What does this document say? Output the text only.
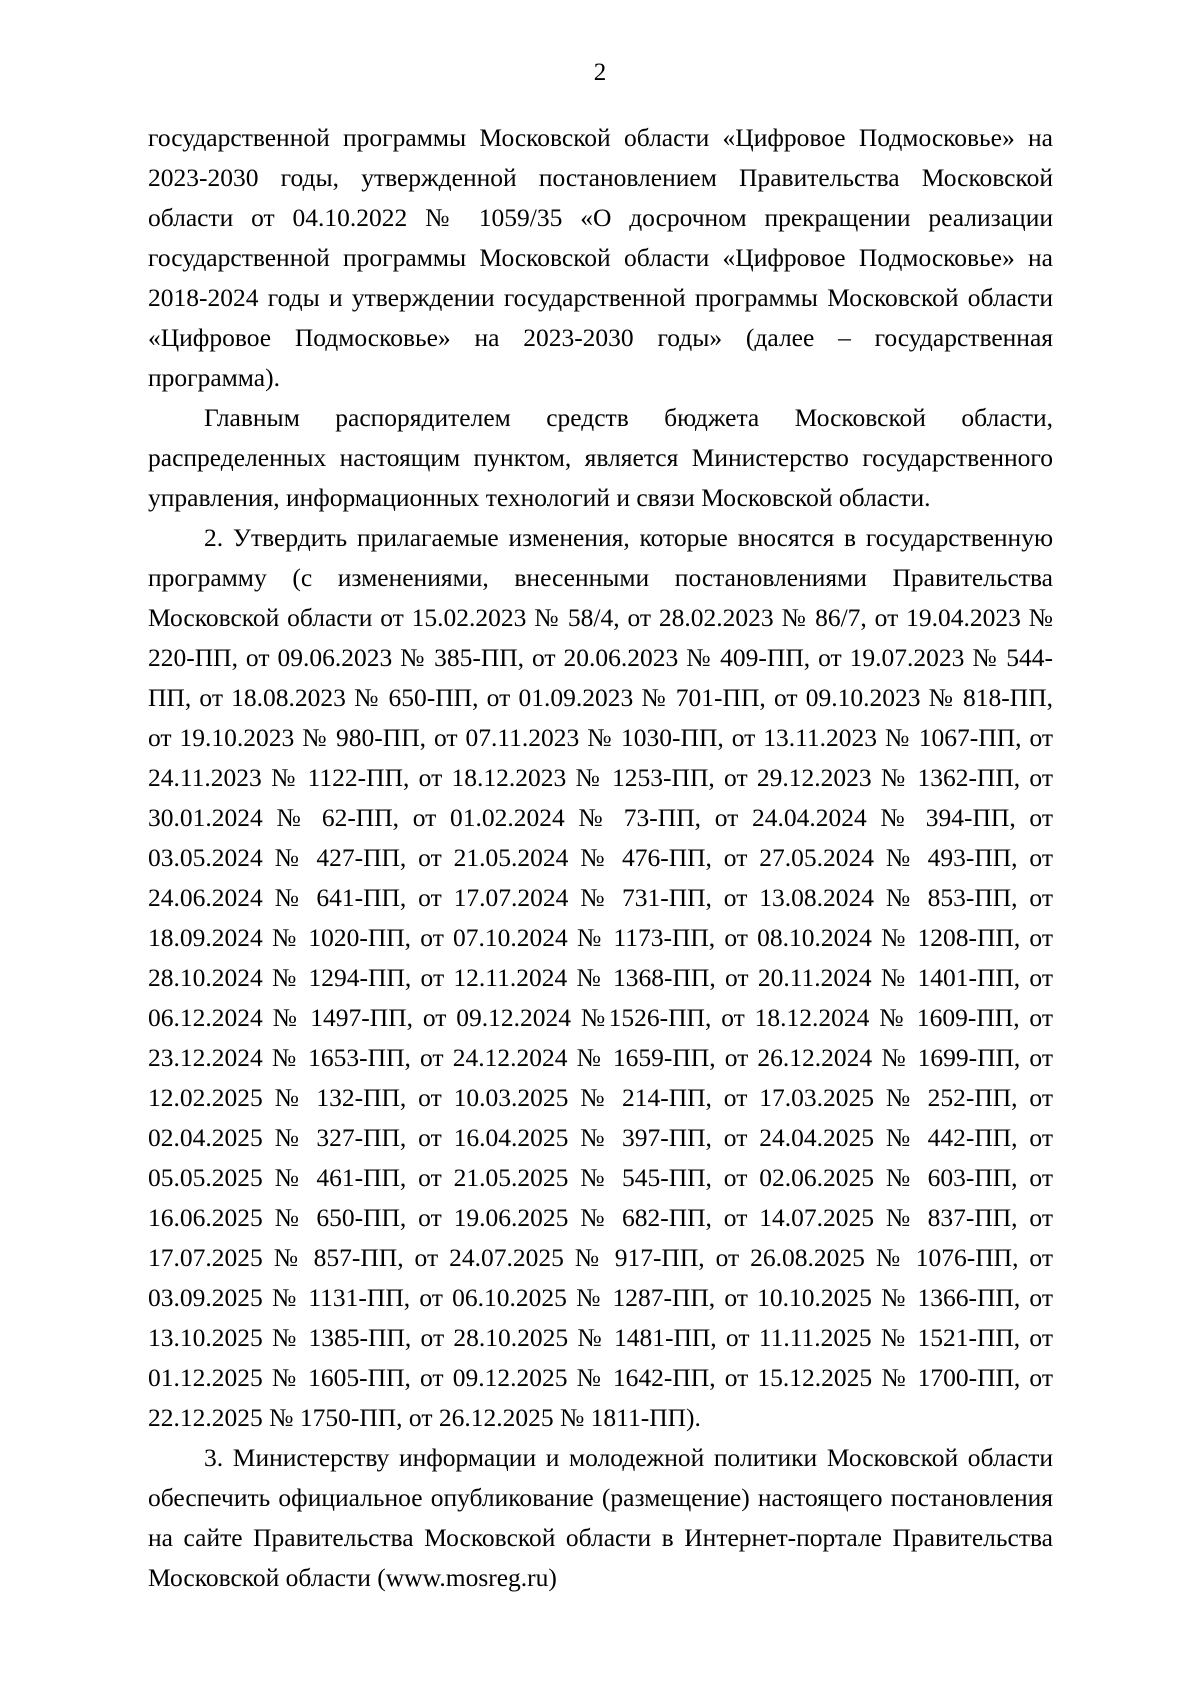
2

государственной программы Московской области «Цифровое Подмосковье» на 2023-2030 годы, утвержденной постановлением Правительства Московской области от 04.10.2022 № 1059/35 «О досрочном прекращении реализации государственной программы Московской области «Цифровое Подмосковье» на 2018-2024 годы и утверждении государственной программы Московской области «Цифровое Подмосковье» на 2023-2030 годы» (далее – государственная программа).

Главным распорядителем средств бюджета Московской области, распределенных настоящим пунктом, является Министерство государственного управления, информационных технологий и связи Московской области.

2. Утвердить прилагаемые изменения, которые вносятся в государственную программу (с изменениями, внесенными постановлениями Правительства Московской области от 15.02.2023 № 58/4, от 28.02.2023 № 86/7, от 19.04.2023 № 220-ПП, от 09.06.2023 № 385-ПП, от 20.06.2023 № 409-ПП, от 19.07.2023 № 544-ПП, от 18.08.2023 № 650-ПП, от 01.09.2023 № 701-ПП, от 09.10.2023 № 818-ПП, от 19.10.2023 № 980-ПП, от 07.11.2023 № 1030-ПП, от 13.11.2023 № 1067-ПП, от 24.11.2023 № 1122-ПП, от 18.12.2023 № 1253-ПП, от 29.12.2023 № 1362-ПП, от 30.01.2024 № 62-ПП, от 01.02.2024 № 73-ПП, от 24.04.2024 № 394-ПП, от 03.05.2024 № 427-ПП, от 21.05.2024 № 476-ПП, от 27.05.2024 № 493-ПП, от 24.06.2024 № 641-ПП, от 17.07.2024 № 731-ПП, от 13.08.2024 № 853-ПП, от 18.09.2024 № 1020-ПП, от 07.10.2024 № 1173-ПП, от 08.10.2024 № 1208-ПП, от 28.10.2024 № 1294-ПП, от 12.11.2024 № 1368-ПП, от 20.11.2024 № 1401-ПП, от 06.12.2024 № 1497-ПП, от 09.12.2024 №1526-ПП, от 18.12.2024 № 1609-ПП, от 23.12.2024 № 1653-ПП, от 24.12.2024 № 1659-ПП, от 26.12.2024 № 1699-ПП, от 12.02.2025 № 132-ПП, от 10.03.2025 № 214-ПП, от 17.03.2025 № 252-ПП, от 02.04.2025 № 327-ПП, от 16.04.2025 № 397-ПП, от 24.04.2025 № 442-ПП, от 05.05.2025 № 461-ПП, от 21.05.2025 № 545-ПП, от 02.06.2025 № 603-ПП, от 16.06.2025 № 650-ПП, от 19.06.2025 № 682-ПП, от 14.07.2025 № 837-ПП, от 17.07.2025 № 857-ПП, от 24.07.2025 № 917-ПП, от 26.08.2025 № 1076-ПП, от 03.09.2025 № 1131-ПП, от 06.10.2025 № 1287-ПП, от 10.10.2025 № 1366-ПП, от 13.10.2025 № 1385-ПП, от 28.10.2025 № 1481-ПП, от 11.11.2025 № 1521-ПП, от 01.12.2025 № 1605-ПП, от 09.12.2025 № 1642-ПП, от 15.12.2025 № 1700-ПП, от 22.12.2025 № 1750-ПП, от 26.12.2025 № 1811-ПП).

3. Министерству информации и молодежной политики Московской области обеспечить официальное опубликование (размещение) настоящего постановления на сайте Правительства Московской области в Интернет-портале Правительства Московской области (www.mosreg.ru)
